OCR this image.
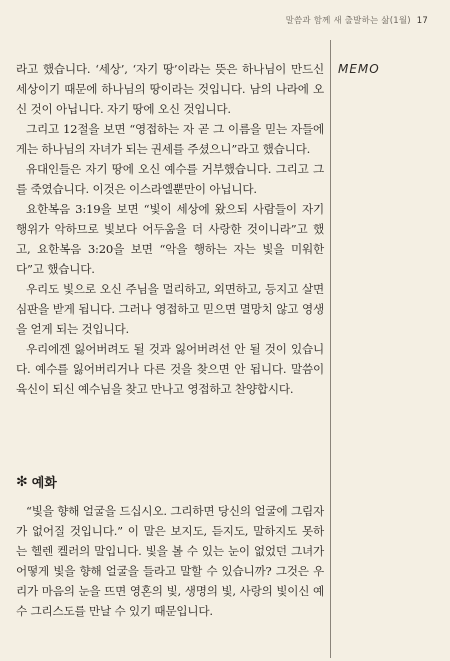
말씀과 함께 새 출발하는 삶(1월) 17
MEMO

라고 했습니다. ‘세상’, ‘자기 땅’이라는 뜻은 하나님이 만드신 세상이기 때문에 하나님의 땅이라는 것입니다. 남의 나라에 오신 것이 아닙니다. 자기 땅에 오신 것입니다.

그리고 12절을 보면 “영접하는 자 곧 그 이름을 믿는 자들에게는 하나님의 자녀가 되는 권세를 주셨으니”라고 했습니다.

유대인들은 자기 땅에 오신 예수를 거부했습니다. 그리고 그를 죽였습니다. 이것은 이스라엘뿐만이 아닙니다.

요한복음 3:19을 보면 “빛이 세상에 왔으되 사람들이 자기 행위가 악하므로 빛보다 어두움을 더 사랑한 것이니라”고 했고, 요한복음 3:20을 보면 “악을 행하는 자는 빛을 미워한다”고 했습니다.

우리도 빛으로 오신 주님을 멀리하고, 외면하고, 등지고 살면 심판을 받게 됩니다. 그러나 영접하고 믿으면 멸망치 않고 영생을 얻게 되는 것입니다.

우리에겐 잃어버려도 될 것과 잃어버려선 안 될 것이 있습니다. 예수를 잃어버리거나 다른 것을 찾으면 안 됩니다. 말씀이 육신이 되신 예수님을 찾고 만나고 영접하고 찬양합시다.

✻ 예화

“빛을 향해 얼굴을 드십시오. 그리하면 당신의 얼굴에 그림자가 없어질 것입니다.” 이 말은 보지도, 듣지도, 말하지도 못하는 헬렌 켈러의 말입니다. 빛을 볼 수 있는 눈이 없었던 그녀가 어떻게 빛을 향해 얼굴을 들라고 말할 수 있습니까? 그것은 우리가 마음의 눈을 뜨면 영혼의 빛, 생명의 빛, 사랑의 빛이신 예수 그리스도를 만날 수 있기 때문입니다.
